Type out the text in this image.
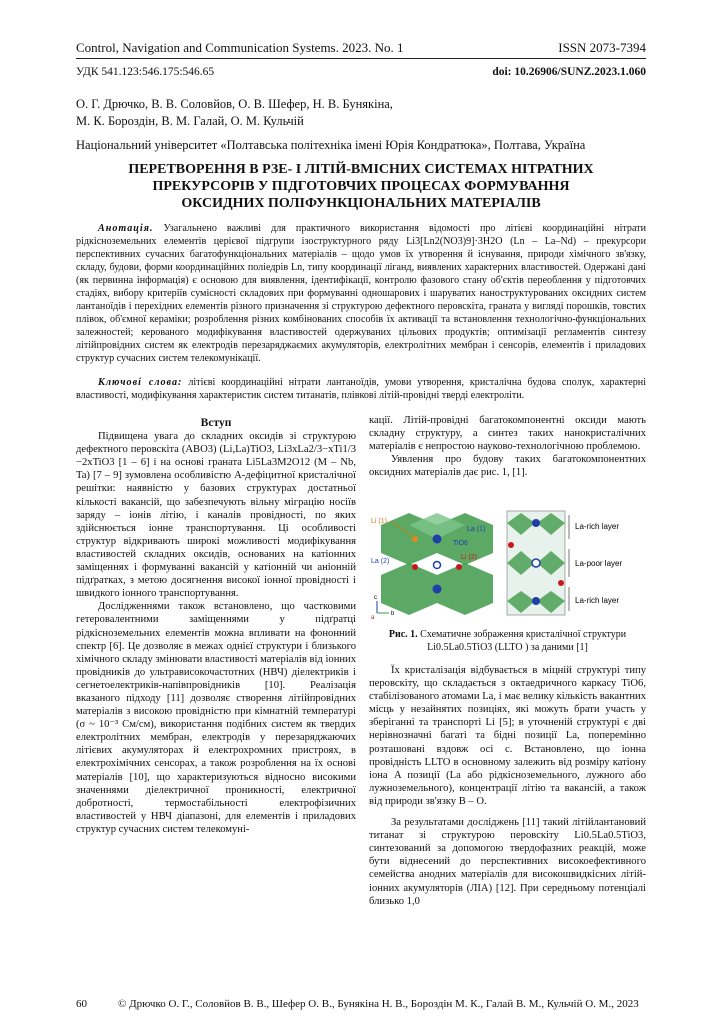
Control, Navigation and Communication Systems. 2023. No. 1	ISSN 2073-7394
УДК 541.123:546.175:546.65	doi: 10.26906/SUNZ.2023.1.060
О. Г. Дрючко, В. В. Соловйов, О. В. Шефер, Н. В. Бунякіна,
М. К. Бороздін, В. М. Галай, О. М. Кульчій
Національний університет «Полтавська політехніка імені Юрія Кондратюка», Полтава, Україна
ПЕРЕТВОРЕННЯ В РЗЕ- І ЛІТІЙ-ВМІСНИХ СИСТЕМАХ НІТРАТНИХ
ПРЕКУРСОРІВ У ПІДГОТОВЧИХ ПРОЦЕСАХ ФОРМУВАННЯ
ОКСИДНИХ ПОЛІФУНКЦІОНАЛЬНИХ МАТЕРІАЛІВ
Анотація. Узагальнено важливі для практичного використання відомості про літієві координаційні нітрати рідкісноземельних елементів церієвої підгрупи ізоструктурного ряду Li3[Ln2(NO3)9]·3H2O (Ln – La–Nd) – прекурсори перспективних сучасних багатофункціональних матеріалів – щодо умов їх утворення й існування, природи хімічного зв'язку, складу, будови, форми координаційних поліедрів Ln, типу координації ліганд, виявлених характерних властивостей. Одержані дані (як первинна інформація) є основою для виявлення, ідентифікації, контролю фазового стану об'єктів переоблення у підготовчих стадіях, вибору критеріїв сумісності складових при формуванні одношарових і шаруватих наноструктурованих оксидних систем лантаноїдів і перехідних елементів різного призначення зі структурою дефектного перовскіта, граната у вигляді порошків, товстих плівок, об'ємної кераміки; розроблення різних комбінованих способів їх активації та встановлення технологічно-функціональних залежностей; керованого модифікування властивостей одержуваних цільових продуктів; оптимізації регламентів синтезу літійпровідних систем як електродів перезаряджаємих акумуляторів, електролітних мембран і сенсорів, елементів і приладових структур сучасних систем телекомунікації.
Ключові слова: літієві координаційні нітрати лантаноїдів, умови утворення, кристалічна будова сполук, характерні властивості, модифікування характеристик систем титанатів, плівкові літій-провідні тверді електроліти.

Вступ

Підвищена увага до складних оксидів зі структурою дефектного перовскіта (ABO3) (Li,La)TiO3, Li3xLa2/3−xTi1/3 −2xTiO3 [1 – 6] і на основі граната Li5La3M2O12 (M – Nb, Ta) [7 – 9] зумовлена особливістю А-дефіцитної кристалічної решітки: наявністю у базових структурах достатньої кількості вакансій, що забезпечують вільну міграцію носіїв заряду – іонів літію, і каналів провідності, по яких здійснюється іонне транспортування. Ці особливості структур відкривають широкі можливості модифікування властивостей складних оксидів, основаних на катіонних заміщеннях і формуванні вакансій у катіонній чи аніонній підґратках, з метою досягнення високої іонної провідності і швидкого іонного транспортування.

Дослідженнями також встановлено, що частковими гетеровалентними заміщеннями у підґратці рідкісноземельних елементів можна впливати на фононний спектр [6]. Це дозволяє в межах однієї структури і близького хімічного складу змінювати властивості матеріалів від іонних провідників до ультрависокочастотних (НВЧ) діелектриків і сегнетоелектриків-напівпровідників [10]. Реалізація вказаного підходу [11] дозволяє створення літійпровідних матеріалів з високою провідністю при кімнатній температурі (σ ~ 10⁻³ См/см), використання подібних систем як твердих електролітних мембран, електродів у перезаряджаючих літієвих акумуляторах й електрохромних пристроях, в електрохімічних сенсорах, а також розроблення на їх основі матеріалів [10], що характеризуються відносно високими значеннями діелектричної проникності, електричної добротності, термостабільності електрофізичних властивостей у НВЧ діапазоні, для елементів і приладових структур сучасних систем телекомуні-

кації. Літій-провідні багатокомпонентні оксиди мають складну структуру, а синтез таких нанокристалічних матеріалів є непростою науково-технологічною проблемою.

Уявлення про будову таких багатокомпонентних оксидних матеріалів дає рис. 1, [1].

Li (1)
La (1)
TiO6
La (2)
Li (2)
c
b
a
La-rich layer
La-poor layer
La-rich layer
Рис. 1. Схематичне зображення кристалічної структури Li0.5La0.5TiO3 (LLTO ) за даними [1]

Їх кристалізація відбувається в міцній структурі типу перовскіту, що складається з октаедричного каркасу TiO6, стабілізованого атомами La, і має велику кількість вакантних місць у незайнятих позиціях, які можуть брати участь у зберіганні та транспорті Li [5]; в уточненій структурі є дві нерівнозначні багаті та бідні позиції La, поперемінно розташовані вздовж осі c. Встановлено, що іонна провідність LLTO в основному залежить від розміру катіону іона A позиції (La або рідкісноземельного, лужного або лужноземельного), концентрації літію та вакансій, а також від природи зв'язку B – O.

За результатами досліджень [11] такий літійлантановий титанат зі структурою перовскіту Li0.5La0.5TiO3, синтезований за допомогою твердофазних реакцій, може бути віднесений до перспективних високоефективного семейства анодних матеріалів для високошвидкісних літій-іонних акумуляторів (ЛІА) [12]. При середньому потенціалі близько 1,0

60	© Дрючко О. Г., Соловйов В. В., Шефер О. В., Бунякіна Н. В., Бороздін М. К., Галай В. М., Кульчій О. М., 2023
